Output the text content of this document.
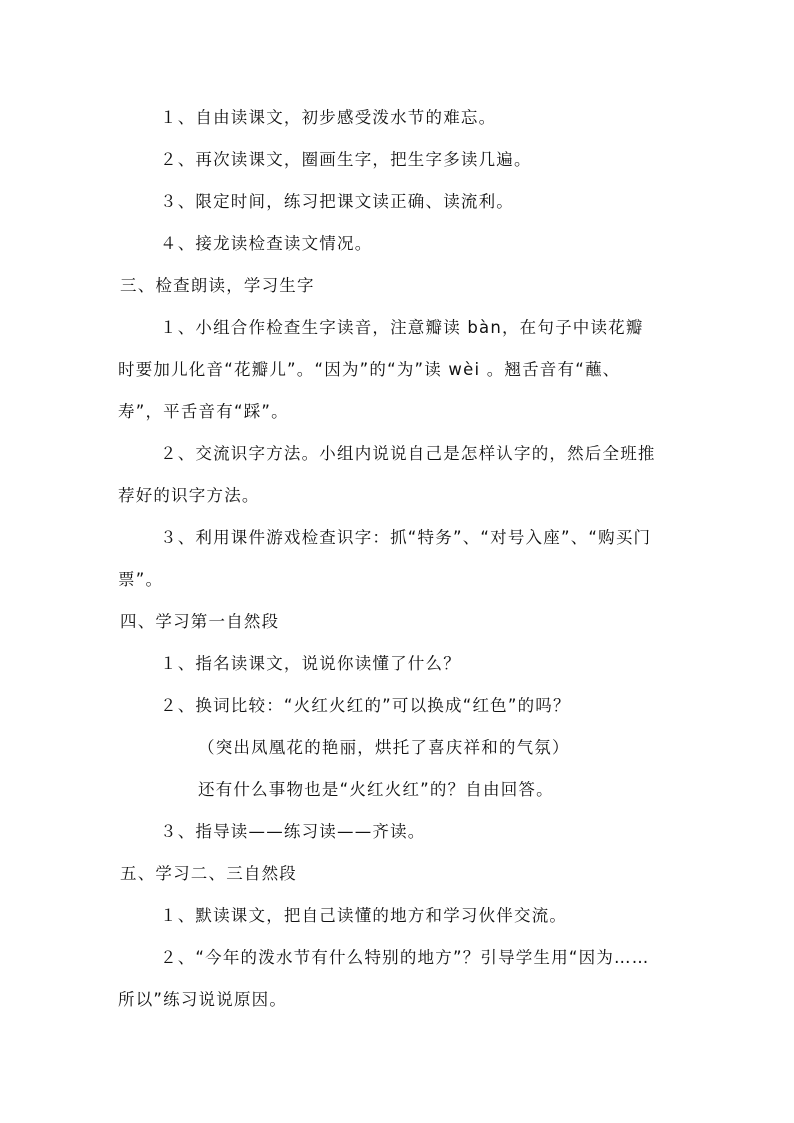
１、自由读课文，初步感受泼水节的难忘。
２、再次读课文，圈画生字，把生字多读几遍。
３、限定时间，练习把课文读正确、读流利。
４、接龙读检查读文情况。
三、检查朗读，学习生字
１、小组合作检查生字读音，注意瓣读 bàn，在句子中读花瓣
时要加儿化音“花瓣儿”。“因为”的“为”读 wèi 。翘舌音有“蘸、
寿”，平舌音有“踩”。
２、交流识字方法。小组内说说自己是怎样认字的，然后全班推
荐好的识字方法。
３、利用课件游戏检查识字：抓“特务”、“对号入座”、“购买门
票”。
四、学习第一自然段
１、指名读课文，说说你读懂了什么？
２、换词比较：“火红火红的”可以换成“红色”的吗？
（突出凤凰花的艳丽，烘托了喜庆祥和的气氛）
还有什么事物也是“火红火红”的？自由回答。
３、指导读——练习读——齐读。
五、学习二、三自然段
１、默读课文，把自己读懂的地方和学习伙伴交流。
２、“今年的泼水节有什么特别的地方”？引导学生用“因为……
所以”练习说说原因。
